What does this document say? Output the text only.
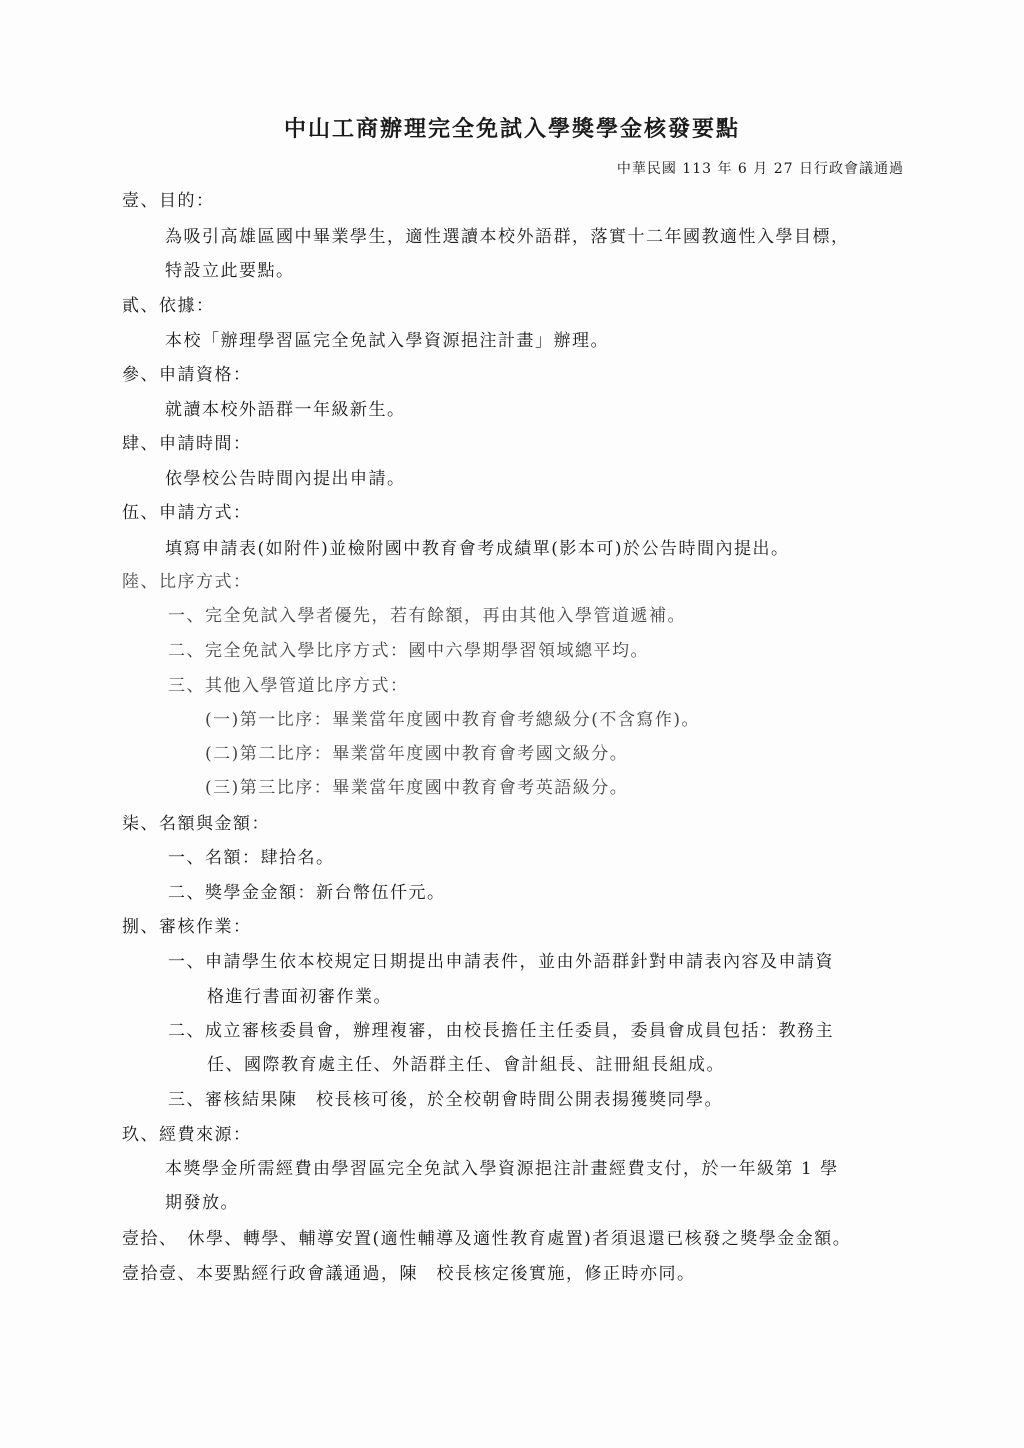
中山工商辦理完全免試入學獎學金核發要點
中華民國 113 年 6 月 27 日行政會議通過
壹、目的：
為吸引高雄區國中畢業學生，適性選讀本校外語群，落實十二年國教適性入學目標，
特設立此要點。
貳、依據：
本校「辦理學習區完全免試入學資源挹注計畫」辦理。
參、申請資格：
就讀本校外語群一年級新生。
肆、申請時間：
依學校公告時間內提出申請。
伍、申請方式：
填寫申請表(如附件)並檢附國中教育會考成績單(影本可)於公告時間內提出。
陸、比序方式：
一、完全免試入學者優先，若有餘額，再由其他入學管道遞補。
二、完全免試入學比序方式：國中六學期學習領域總平均。
三、其他入學管道比序方式：
(一)第一比序：畢業當年度國中教育會考總級分(不含寫作)。
(二)第二比序：畢業當年度國中教育會考國文級分。
(三)第三比序：畢業當年度國中教育會考英語級分。
柒、名額與金額：
一、名額：肆拾名。
二、獎學金金額：新台幣伍仟元。
捌、審核作業：
一、申請學生依本校規定日期提出申請表件，並由外語群針對申請表內容及申請資
格進行書面初審作業。
二、成立審核委員會，辦理複審，由校長擔任主任委員，委員會成員包括：教務主
任、國際教育處主任、外語群主任、會計組長、註冊組長組成。
三、審核結果陳　校長核可後，於全校朝會時間公開表揚獲獎同學。
玖、經費來源：
本獎學金所需經費由學習區完全免試入學資源挹注計畫經費支付，於一年級第 1 學
期發放。
壹拾、　休學、轉學、輔導安置(適性輔導及適性教育處置)者須退還已核發之獎學金金額。
壹拾壹、本要點經行政會議通過，陳　校長核定後實施，修正時亦同。
